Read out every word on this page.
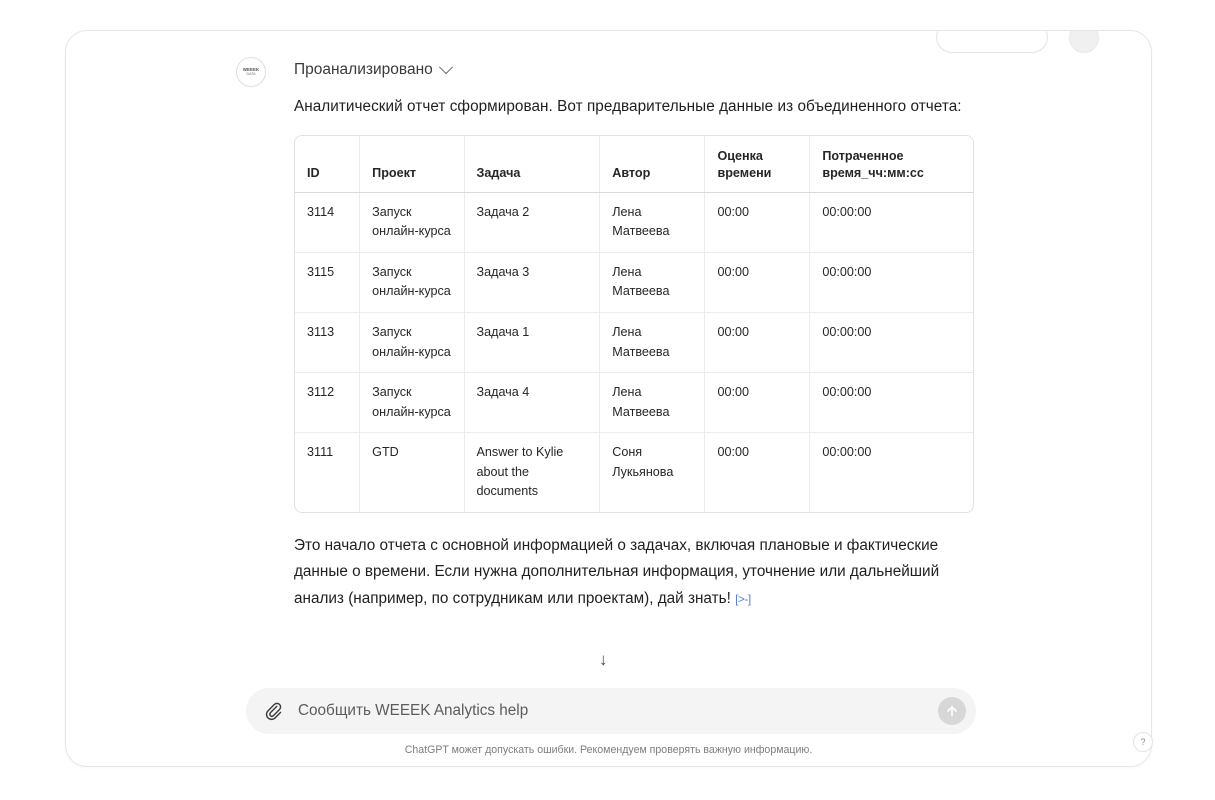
WEEEK
DATA Проанализировано
Аналитический отчет сформирован. Вот предварительные данные из объединенного отчета:
ID	Проект	Задача	Автор	Оценка времени	Потраченное время_чч:мм:сс
3114	Запуск онлайн-курса	Задача 2	Лена Матвеева	00:00	00:00:00
3115	Запуск онлайн-курса	Задача 3	Лена Матвеева	00:00	00:00:00
3113	Запуск онлайн-курса	Задача 1	Лена Матвеева	00:00	00:00:00
3112	Запуск онлайн-курса	Задача 4	Лена Матвеева	00:00	00:00:00
3111	GTD	Answer to Kylie about the documents	Соня Лукьянова	00:00	00:00:00
Это начало отчета с основной информацией о задачах, включая плановые и фактические данные о времени. Если нужна дополнительная информация, уточнение или дальнейший анализ (например, по сотрудникам или проектам), дай знать! [>-]
↓
Сообщить WEEEK Analytics help
ChatGPT может допускать ошибки. Рекомендуем проверять важную информацию.
?
